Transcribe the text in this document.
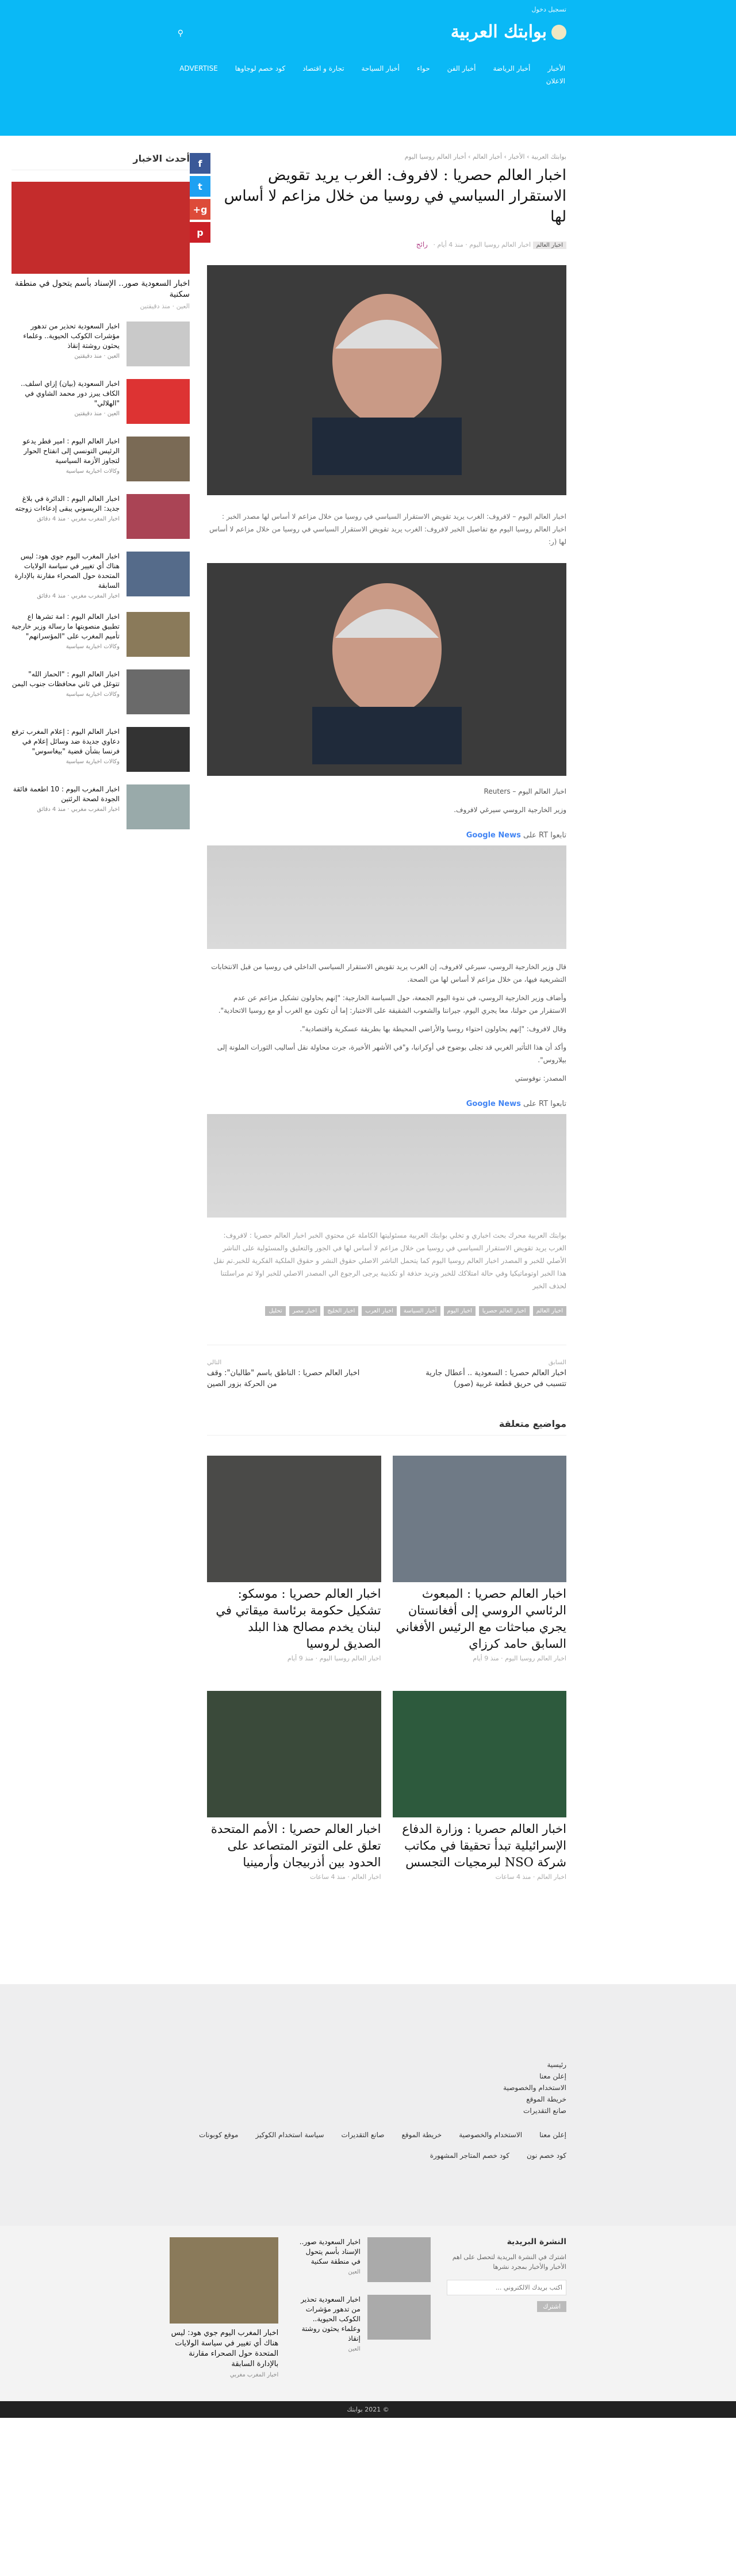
تسجيل دخول
بوابتك العربية
⚲
الأخبار
أخبار الرياضة
أخبار الفن
حواء
أخبار السياحة
تجارة و اقتصاد
كود خصم لوجاوها
ADVERTISE
الاعلان
بوابتك العربية › الأخبار › أخبار العالم › أخبار العالم روسيا اليوم
اخبار العالم حصريا : لافروف: الغرب يريد تقويض الاستقرار السياسي في روسيا من خلال مزاعم لا أساس لها
اخبار العالم اخبار العالم روسيا اليوم · منذ 4 أيام · رائج
f
t
g+
p

اخبار العالم اليوم – لافروف: الغرب يريد تقويض الاستقرار السياسي في روسيا من خلال مزاعم لا أساس لها مصدر الخبر : اخبار العالم روسيا اليوم مع تفاصيل الخبر لافروف: الغرب يريد تقويض الاستقرار السياسي في روسيا من خلال مزاعم لا أساس لها (ر:

اخبار العالم اليوم – Reuters

وزير الخارجية الروسي سيرغي لافروف.

تابعوا RT على Google News

قال وزير الخارجية الروسي، سيرغي لافروف، إن الغرب يريد تقويض الاستقرار السياسي الداخلي في روسيا من قبل الانتخابات التشريعية فيها، من خلال مزاعم لا أساس لها من الصحة.

وأضاف وزير الخارجية الروسي، في ندوة اليوم الجمعة، حول السياسة الخارجية: "إنهم يحاولون تشكيل مزاعم عن عدم الاستقرار من حولنا، معا يجري اليوم، جيراننا والشعوب الشقيقة على الاختبار: إما أن تكون مع الغرب أو مع روسيا الاتحادية".

وقال لافروف: "إنهم يحاولون احتواء روسيا والأراضي المحيطة بها بطريقة عسكرية واقتصادية".

وأكد أن هذا التأثير الغربي قد تجلى بوضوح في أوكرانيا، و"في الأشهر الأخيرة، جرت محاولة نقل أساليب الثورات الملونة إلى بيلاروس".

المصدر: نوفوستي

تابعوا RT على Google News

بوابتك العربية محرك بحث اخباري و تخلي بوابتك العربية مسئوليتها الكاملة عن محتوي الخبر اخبار العالم حصريا : لافروف: الغرب يريد تقويض الاستقرار السياسي في روسيا من خلال مزاعم لا أساس لها في الجور والتعليق والمسئولية على الناشر الأصلي للخبر و المصدر اخبار العالم روسيا اليوم كما يتحمل الناشر الاصلي حقوق النشر و حقوق الملكية الفكرية للخبر.تم نقل هذا الخبر اوتوماتيكيا وفي حالة امتلاكك للخبر وتريد حذفة او تكذيبة يرجى الرجوع الي المصدر الاصلي للخبر اولا ثم مراسلتنا لحذف الخبر

اخبار العالم
اخبار العالم حصريا
اخبار اليوم
أخبار السياسة
اخبار العرب
اخبار الخليج
اخبار مصر
تحليل
السابق
اخبار العالم حصريا : السعودية .. أعطال جارية تتسبب في حريق قطعة غربية (صور)
التالي
اخبار العالم حصريا : الناطق باسم "طالبان": وقف من الحركة بزور الصين
مواضيع متعلقة
اخبار العالم حصريا : المبعوث الرئاسي الروسي إلى أفغانستان يجري مباحثات مع الرئيس الأفغاني السابق حامد كرزاي
اخبار العالم روسيا اليوم · منذ 9 أيام
اخبار العالم حصريا : موسكو: تشكيل حكومة برئاسة ميقاتي في لبنان يخدم مصالح هذا البلد الصديق لروسيا
اخبار العالم روسيا اليوم · منذ 9 أيام
اخبار العالم حصريا : وزارة الدفاع الإسرائيلية تبدأ تحقيقا في مكاتب شركة NSO لبرمجيات التجسس
اخبار العالم · منذ 4 ساعات
اخبار العالم حصريا : الأمم المتحدة تعلق على التوتر المتصاعد على الحدود بين أذربيجان وأرمينيا
اخبار العالم · منذ 4 ساعات
أحدث الاخبار
اخبار السعودية صور.. الإسناد بأسم يتحول في منطقة سكنية
العين · منذ دقيقتين
اخبار السعودية تحذير من تدهور مؤشرات الكوكب الحيوية.. وعلماء يحثون روشتة إنقاذ
العين · منذ دقيقتين
اخبار السعودية (بيان) إزاي اسلف.. الكاف يبرز دور محمد الشاوي في "الهلالي"
العين · منذ دقيقتين
اخبار العالم اليوم : امير قطر يدعو الرئيس التونسي إلى انفتاح الحوار لتجاوز الأزمة السياسية
وكالات اخبارية سياسية
اخبار العالم اليوم : الدائرة في بلاغ جديد: الريسوني يبقى إدعاءات زوجته
اخبار المغرب مغربي · منذ 4 دقائق
اخبار المغرب اليوم جوي هود: ليس هناك أي تغيير في سياسة الولايات المتحدة حول الصحراء مقارنة بالإدارة السابقة
اخبار المغرب مغربي · منذ 4 دقائق
اخبار العالم اليوم : امة تشرها اع تطبيق منصوبتها ما رسالة وزير خارجية تأميم المغرب على "المؤسرانهم"
وكالات اخبارية سياسية
اخبار العالم اليوم : "الحماز الله" تتوغل في ثاني محافظات جنوب اليمن
وكالات اخبارية سياسية
اخبار العالم اليوم : إعلام المغرب ترفع دعاوي جديدة ضد وسائل إعلام في فرنسا بشأن قضية "بيغاسوس"
وكالات اخبارية سياسية
اخبار المغرب اليوم : 10 اطعمة فائقة الجودة لصحة الرئتين
اخبار المغرب مغربي · منذ 4 دقائق
رئيسية
إعلن معنا
الاستخدام والخصوصية
خريطة الموقع
صانع التقديرات
إعلن معنا
الاستخدام والخصوصية
خريطة الموقع
صانع التقديرات
سياسة استخدام الكوكيز
موقع كوبونات
كود خصم نون
كود خصم المتاجر المشهورة
النشرة البريدية

اشترك في النشرة البريدية لتحصل على اهم الأخبار والأخبار بمجرد نشرها

اكتب بريدك الالكتروني ... اشترك
اخبار السعودية صور.. الإسناد بأسم يتحول في منطقة سكنية
العين
اخبار السعودية تحذير من تدهور مؤشرات الكوكب الحيوية.. وعلماء يحثون روشتة إنقاذ
العين
اخبار المغرب اليوم جوي هود: ليس هناك أي تغيير في سياسة الولايات المتحدة حول الصحراء مقارنة بالإدارة السابقة
اخبار المغرب مغربي
© 2021 بوابتك
